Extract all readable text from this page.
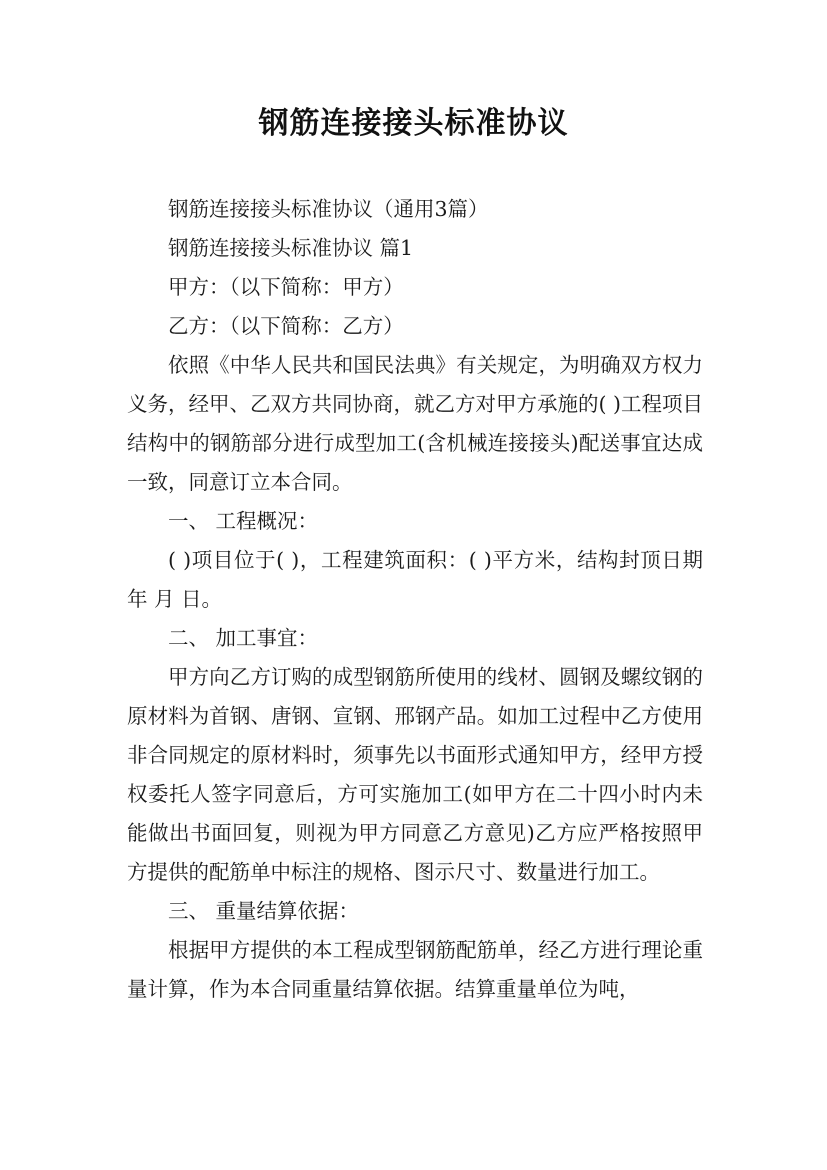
钢筋连接接头标准协议

钢筋连接接头标准协议（通用3篇）

钢筋连接接头标准协议 篇1

甲方：（以下简称：甲方）

乙方：（以下简称：乙方）

依照《中华人民共和国民法典》有关规定，为明确双方权力义务，经甲、乙双方共同协商，就乙方对甲方承施的( )工程项目结构中的钢筋部分进行成型加工(含机械连接接头)配送事宜达成一致，同意订立本合同。

一、 工程概况：

( )项目位于( )，工程建筑面积：( )平方米，结构封顶日期 年 月 日。

二、 加工事宜：

甲方向乙方订购的成型钢筋所使用的线材、圆钢及螺纹钢的原材料为首钢、唐钢、宣钢、邢钢产品。如加工过程中乙方使用非合同规定的原材料时，须事先以书面形式通知甲方，经甲方授权委托人签字同意后，方可实施加工(如甲方在二十四小时内未能做出书面回复，则视为甲方同意乙方意见)乙方应严格按照甲方提供的配筋单中标注的规格、图示尺寸、数量进行加工。

三、 重量结算依据：

根据甲方提供的本工程成型钢筋配筋单，经乙方进行理论重量计算，作为本合同重量结算依据。结算重量单位为吨，
